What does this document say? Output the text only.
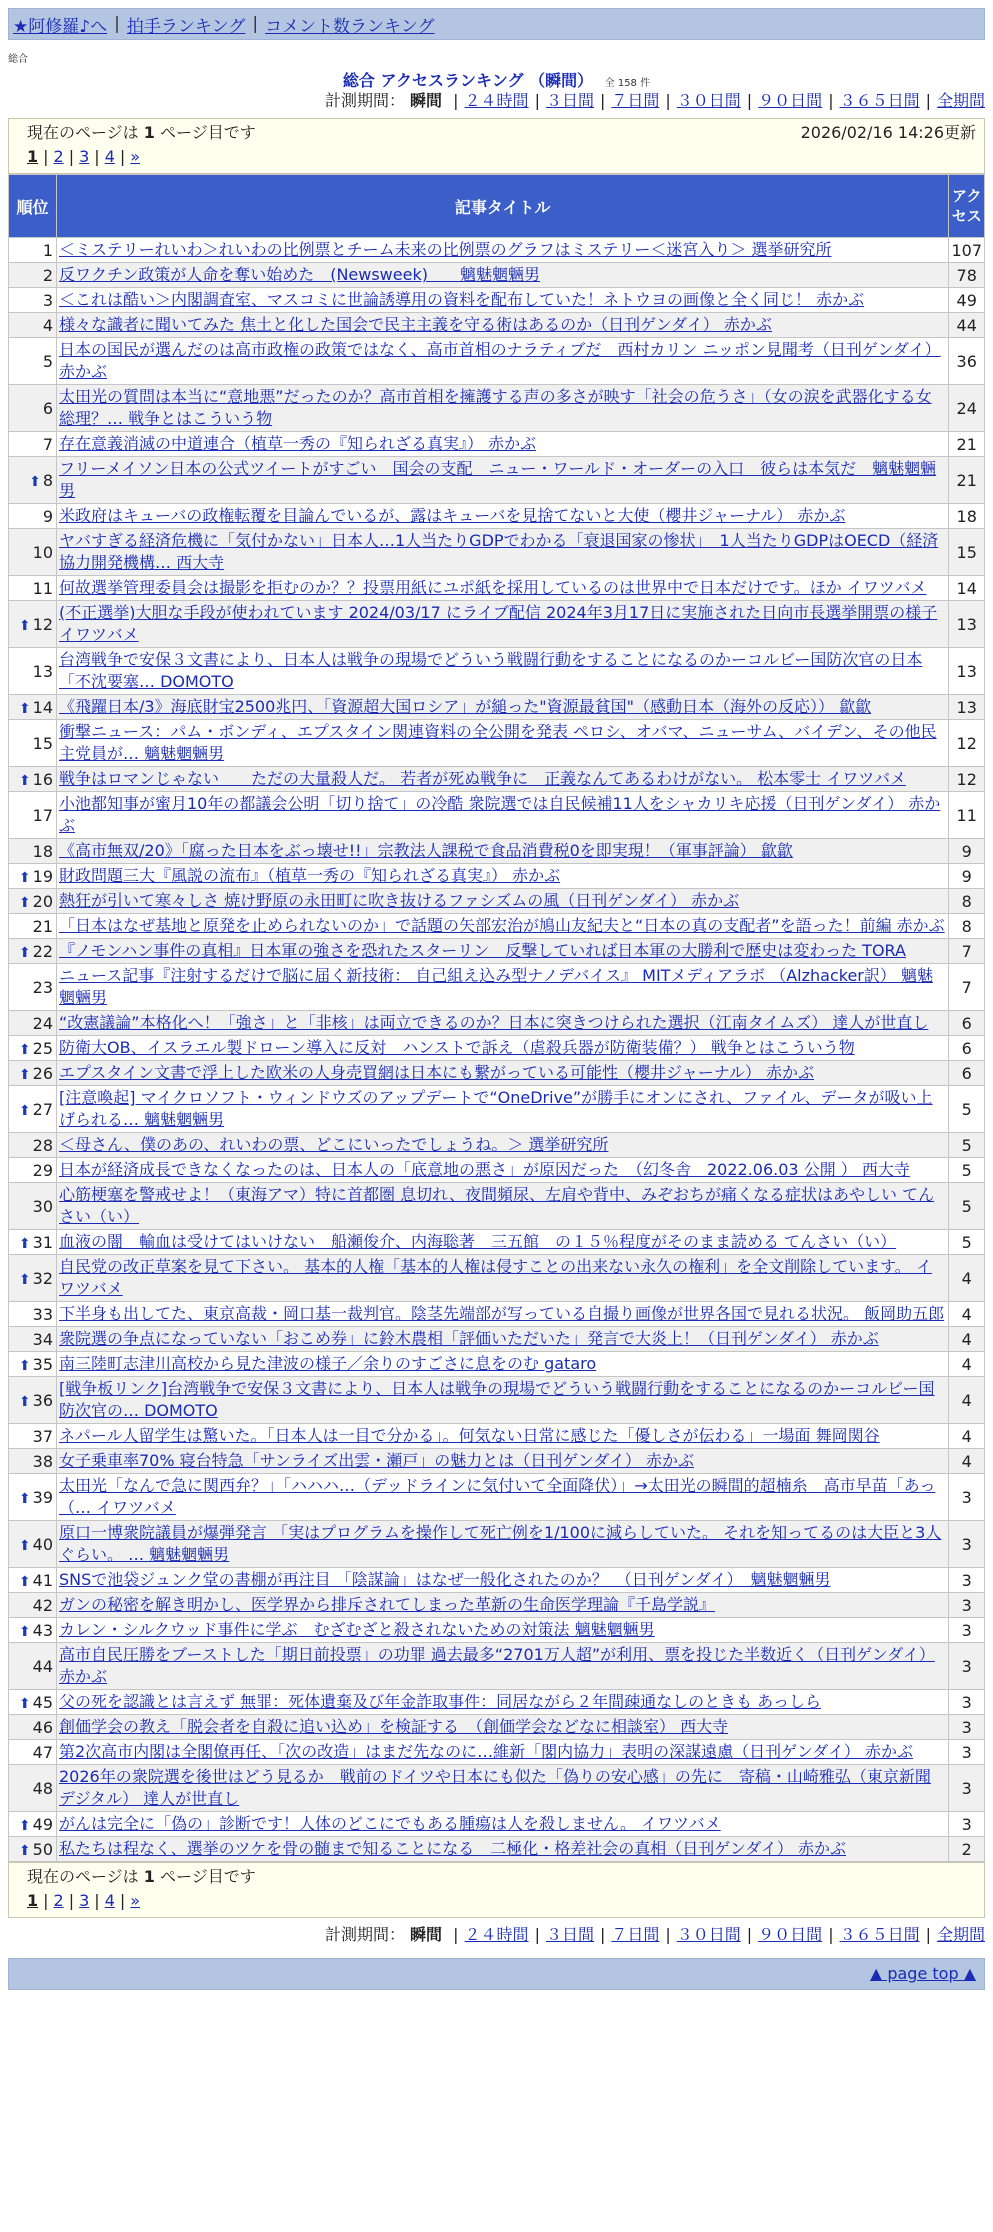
★阿修羅♪へ | 拍手ランキング | コメント数ランキング
総合
総合 アクセスランキング （瞬間） 全 158 件
計測期間： 瞬間 | ２４時間 | ３日間 | ７日間 | ３０日間 | ９０日間 | ３６５日間 | 全期間
現在のページは 1 ページ目です	2026/02/16 14:26更新
1 | 2 | 3 | 4 | »
順位	記事タイトル	アク
セス
1	＜ミステリーれいわ＞れいわの比例票とチーム未来の比例票のグラフはミステリー＜迷宮入り＞ 選挙研究所	107
2	反ワクチン政策が人命を奪い始めた　(Newsweek)　　魑魅魍魎男	78
3	＜これは酷い＞内閣調査室、マスコミに世論誘導用の資料を配布していた！ネトウヨの画像と全く同じ！ 赤かぶ	49
4	様々な識者に聞いてみた 焦土と化した国会で民主主義を守る術はあるのか（日刊ゲンダイ） 赤かぶ	44
5	日本の国民が選んだのは高市政権の政策ではなく、高市首相のナラティブだ　西村カリン ニッポン見聞考（日刊ゲンダイ） 赤かぶ	36
6	太田光の質問は本当に“意地悪”だったのか？高市首相を擁護する声の多さが映す「社会の危うさ」（女の涙を武器化する女総理？… 戦争とはこういう物	24
7	存在意義消滅の中道連合（植草一秀の『知られざる真実』） 赤かぶ	21
⬆ 8	フリーメイソン日本の公式ツイートがすごい　国会の支配　ニュー・ワールド・オーダーの入口　彼らは本気だ　魑魅魍魎男	21
9	米政府はキューバの政権転覆を目論んでいるが、露はキューバを見捨てないと大使（櫻井ジャーナル） 赤かぶ	18
10	ヤバすぎる経済危機に「気付かない」日本人…1人当たりGDPでわかる「衰退国家の惨状」　1人当たりGDPはOECD（経済協力開発機構… 西大寺	15
11	何故選挙管理委員会は撮影を拒むのか？？投票用紙にユポ紙を採用しているのは世界中で日本だけです。ほか イワツバメ	14
⬆ 12	(不正選挙)大胆な手段が使われています 2024/03/17 にライブ配信 2024年3月17日に実施された日向市長選挙開票の様子 イワツバメ	13
13	台湾戦争で安保３文書により、日本人は戦争の現場でどういう戦闘行動をすることになるのかーコルビー国防次官の日本「不沈要塞… DOMOTO	13
⬆ 14	《飛躍日本/3》海底財宝2500兆円、「資源超大国ロシア」が縋った"資源最貧国"（感動日本（海外の反応）） 歙歙	13
15	衝撃ニュース：パム・ボンディ、エプスタイン関連資料の全公開を発表 ペロシ、オバマ、ニューサム、バイデン、その他民主党員が… 魑魅魍魎男	12
⬆ 16	戦争はロマンじゃない　　ただの大量殺人だ。 若者が死ぬ戦争に　正義なんてあるわけがない。 松本零士 イワツバメ	12
17	小池都知事が蜜月10年の都議会公明「切り捨て」の冷酷 衆院選では自民候補11人をシャカリキ応援（日刊ゲンダイ） 赤かぶ	11
18	《高市無双/20》「腐った日本をぶっ壊せ!!」宗教法人課税で食品消費税0を即実現！（軍事評論） 歙歙	9
⬆ 19	財政問題三大『風説の流布』（植草一秀の『知られざる真実』） 赤かぶ	9
⬆ 20	熱狂が引いて寒々しさ 焼け野原の永田町に吹き抜けるファシズムの風（日刊ゲンダイ） 赤かぶ	8
21	「日本はなぜ基地と原発を止められないのか」で話題の矢部宏治が鳩山友紀夫と“日本の真の支配者”を語った！前編 赤かぶ	8
⬆ 22	『ノモンハン事件の真相』日本軍の強さを恐れたスターリン　反撃していれば日本軍の大勝利で歴史は変わった TORA	7
23	ニュース記事『注射するだけで脳に届く新技術： 自己組え込み型ナノデバイス』 MITメディアラボ （Alzhacker訳） 魑魅魍魎男	7
24	“改憲議論”本格化へ！「強さ」と「非核」は両立できるのか？日本に突きつけられた選択（江南タイムズ） 達人が世直し	6
⬆ 25	防衛大OB、イスラエル製ドローン導入に反対　ハンストで訴え（虐殺兵器が防衛装備？） 戦争とはこういう物	6
⬆ 26	エプスタイン文書で浮上した欧米の人身売買網は日本にも繋がっている可能性（櫻井ジャーナル） 赤かぶ	6
⬆ 27	[注意喚起] マイクロソフト・ウィンドウズのアップデートで“OneDrive”が勝手にオンにされ、ファイル、データが吸い上げられる… 魑魅魍魎男	5
28	＜母さん、僕のあの、れいわの票、どこにいったでしょうね。＞ 選挙研究所	5
29	日本が経済成長できなくなったのは、日本人の「底意地の悪さ」が原因だった　（幻冬舎　2022.06.03 公開 ） 西大寺	5
30	心筋梗塞を警戒せよ！（東海アマ）特に首都圏 息切れ、夜間頻尿、左肩や背中、みぞおちが痛くなる症状はあやしい てんさい（い）	5
⬆ 31	血液の闇　輸血は受けてはいけない　船瀬俊介、内海聡著　三五館　の１５％程度がそのまま読める てんさい（い）	5
⬆ 32	自民党の改正草案を見て下さい。 基本的人権「基本的人権は侵すことの出来ない永久の権利」を全文削除しています。 イワツバメ	4
33	下半身も出してた、東京高裁・岡口基一裁判官。陰茎先端部が写っている自撮り画像が世界各国で見れる状況。 飯岡助五郎	4
34	衆院選の争点になっていない「おこめ券」に鈴木農相「評価いただいた」発言で大炎上！（日刊ゲンダイ） 赤かぶ	4
⬆ 35	南三陸町志津川高校から見た津波の様子／余りのすごさに息をのむ gataro	4
⬆ 36	[戦争板リンク]台湾戦争で安保３文書により、日本人は戦争の現場でどういう戦闘行動をすることになるのかーコルビー国防次官の… DOMOTO	4
37	ネパール人留学生は驚いた。「日本人は一目で分かる」。何気ない日常に感じた「優しさが伝わる」一場面 舞岡関谷	4
38	女子乗車率70% 寝台特急「サンライズ出雲・瀬戸」の魅力とは（日刊ゲンダイ） 赤かぶ	4
⬆ 39	太田光「なんで急に関西弁？」「ハハハ…（デッドラインに気付いて全面降伏）」→太田光の瞬間的超楠糸　高市早苗「あっ（… イワツバメ	3
⬆ 40	原口一博衆院議員が爆弾発言 「実はプログラムを操作して死亡例を1/100に減らしていた。 それを知ってるのは大臣と3人ぐらい。 … 魑魅魍魎男	3
⬆ 41	SNSで池袋ジュンク堂の書棚が再注目 「陰謀論」はなぜ一般化されたのか？　（日刊ゲンダイ）　魑魅魍魎男	3
42	ガンの秘密を解き明かし、医学界から排斥されてしまった革新の生命医学理論『千島学説』	3
⬆ 43	カレン・シルクウッド事件に学ぶ　むざむざと殺されないための対策法 魑魅魍魎男	3
44	高市自民圧勝をブーストした「期日前投票」の功罪 過去最多“2701万人超”が利用、票を投じた半数近く（日刊ゲンダイ） 赤かぶ	3
⬆ 45	父の死を認識とは言えず 無罪：死体遺棄及び年金詐取事件：同居ながら２年間疎通なしのときも あっしら	3
46	創価学会の教え「脱会者を自殺に追い込め」を検証する　（創価学会などなに相談室） 西大寺	3
47	第2次高市内閣は全閣僚再任、「次の改造」はまだ先なのに…維新「閣内協力」表明の深謀遠慮（日刊ゲンダイ） 赤かぶ	3
48	2026年の衆院選を後世はどう見るか　戦前のドイツや日本にも似た「偽りの安心感」の先に　寄稿・山崎雅弘（東京新聞デジタル） 達人が世直し	3
⬆ 49	がんは完全に「偽の」診断です！人体のどこにでもある腫瘍は人を殺しません。 イワツバメ	3
⬆ 50	私たちは程なく、選挙のツケを骨の髄まで知ることになる　二極化・格差社会の真相（日刊ゲンダイ） 赤かぶ	2
現在のページは 1 ページ目です
1 | 2 | 3 | 4 | »
計測期間： 瞬間 | ２４時間 | ３日間 | ７日間 | ３０日間 | ９０日間 | ３６５日間 | 全期間
▲ page top ▲
